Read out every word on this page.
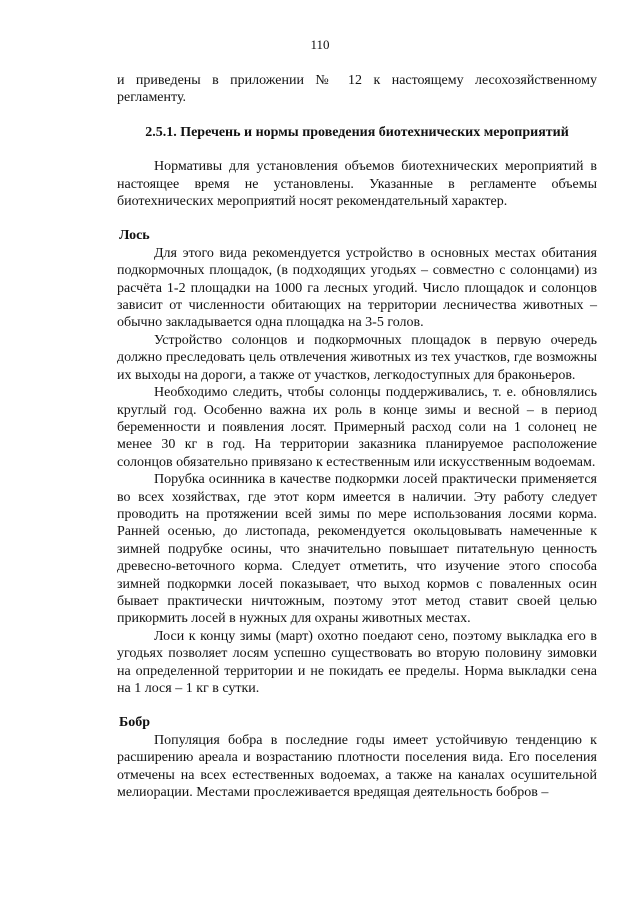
110

и приведены в приложении № 12 к настоящему лесохозяйственному регламенту.

2.5.1. Перечень и нормы проведения биотехнических мероприятий

Нормативы для установления объемов биотехнических мероприятий в настоящее время не установлены. Указанные в регламенте объемы биотехнических мероприятий носят рекомендательный характер.

Лось

Для этого вида рекомендуется устройство в основных местах обитания подкормочных площадок, (в подходящих угодьях – совместно с солонцами) из расчёта 1-2 площадки на 1000 га лесных угодий. Число площадок и солонцов зависит от численности обитающих на территории лесничества животных – обычно закладывается одна площадка на 3-5 голов.

Устройство солонцов и подкормочных площадок в первую очередь должно преследовать цель отвлечения животных из тех участков, где возможны их выходы на дороги, а также от участков, легкодоступных для браконьеров.

Необходимо следить, чтобы солонцы поддерживались, т. е. обновлялись круглый год. Особенно важна их роль в конце зимы и весной – в период беременности и появления лосят. Примерный расход соли на 1 солонец не менее 30 кг в год. На территории заказника планируемое расположение солонцов обязательно привязано к естественным или искусственным водоемам.

Порубка осинника в качестве подкормки лосей практически применяется во всех хозяйствах, где этот корм имеется в наличии. Эту работу следует проводить на протяжении всей зимы по мере использования лосями корма. Ранней осенью, до листопада, рекомендуется окольцовывать намеченные к зимней подрубке осины, что значительно повышает питательную ценность древесно-веточного корма. Следует отметить, что изучение этого способа зимней подкормки лосей показывает, что выход кормов с поваленных осин бывает практически ничтожным, поэтому этот метод ставит своей целью прикормить лосей в нужных для охраны животных местах.

Лоси к концу зимы (март) охотно поедают сено, поэтому выкладка его в угодьях позволяет лосям успешно существовать во вторую половину зимовки на определенной территории и не покидать ее пределы. Норма выкладки сена на 1 лося – 1 кг в сутки.

Бобр

Популяция бобра в последние годы имеет устойчивую тенденцию к расширению ареала и возрастанию плотности поселения вида. Его поселения отмечены на всех естественных водоемах, а также на каналах осушительной мелиорации. Местами прослеживается вредящая деятельность бобров –
